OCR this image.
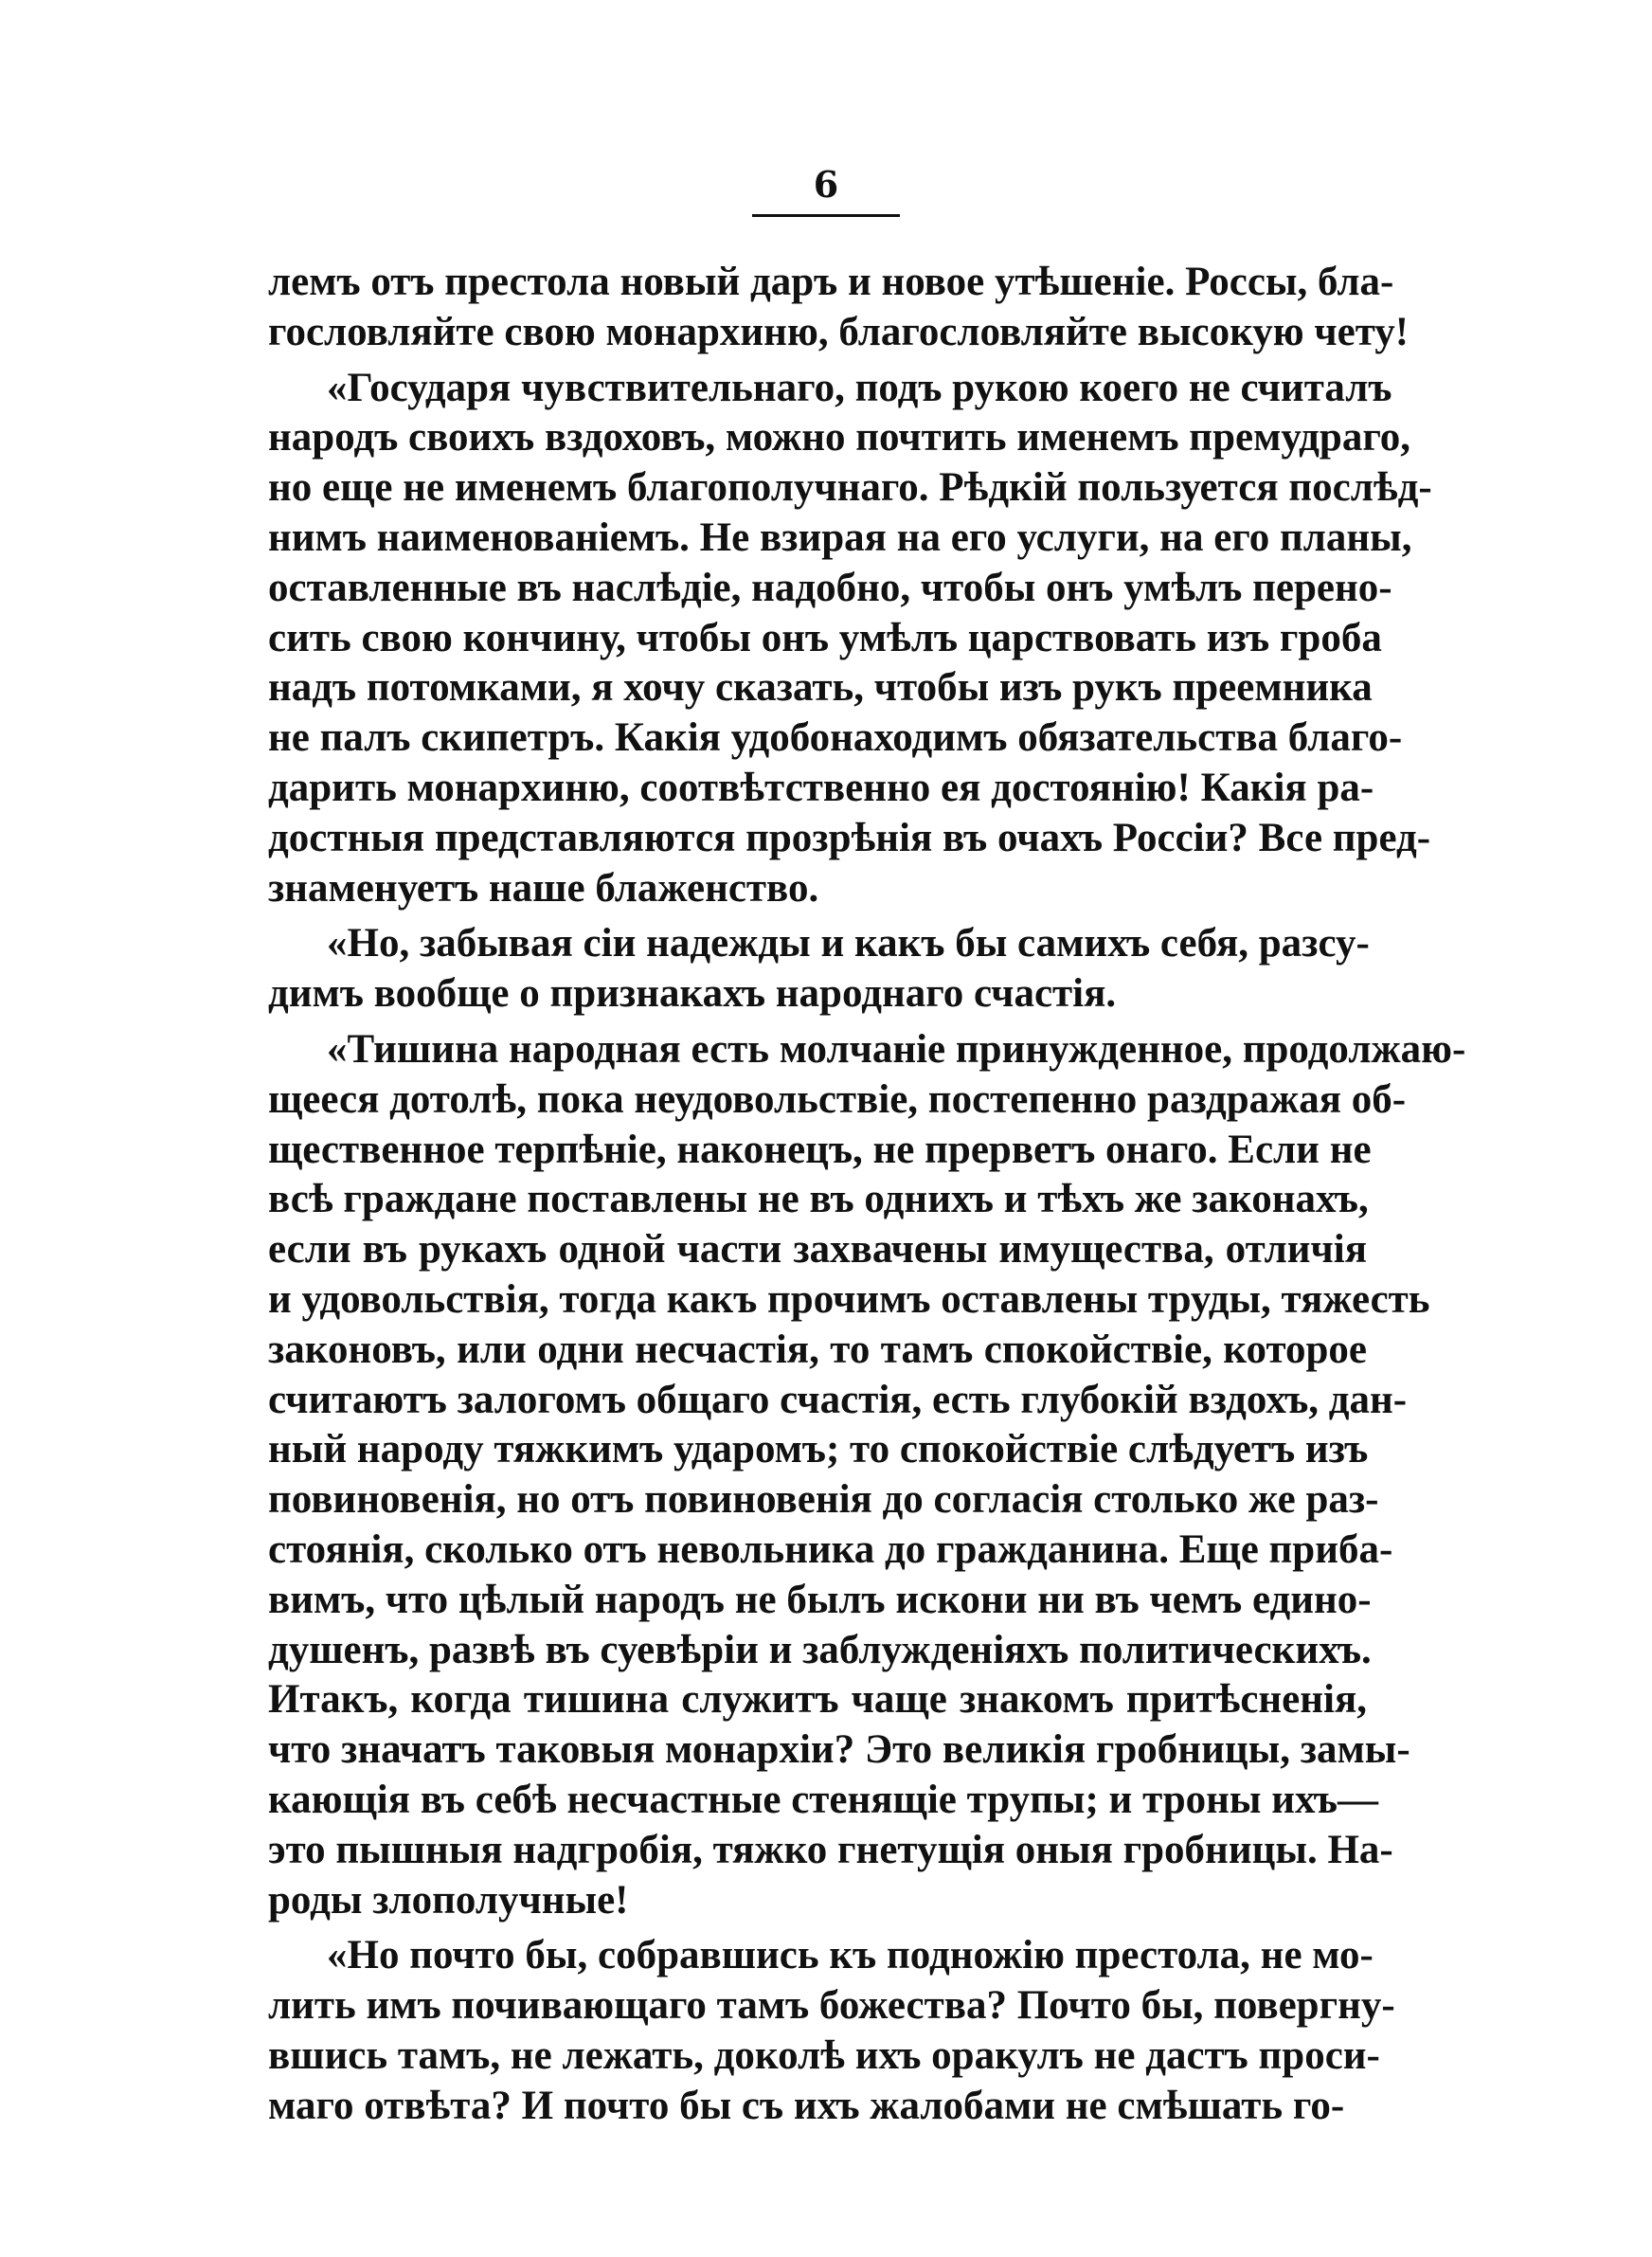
6
лемъ отъ престола новый даръ и новое утѣшеніе. Россы, бла-
гословляйте свою монархиню, благословляйте высокую чету!
«Государя чувствительнаго, подъ рукою коего не считалъ
народъ своихъ вздоховъ, можно почтить именемъ премудраго,
но еще не именемъ благополучнаго. Рѣдкій пользуется послѣд-
нимъ наименованіемъ. Не взирая на его услуги, на его планы,
оставленные въ наслѣдіе, надобно, чтобы онъ умѣлъ перено-
сить свою кончину, чтобы онъ умѣлъ царствовать изъ гроба
надъ потомками, я хочу сказать, чтобы изъ рукъ преемника
не палъ скипетръ. Какія удобонаходимъ обязательства благо-
дарить монархиню, соотвѣтственно ея достоянію! Какія ра-
достныя представляются прозрѣнія въ очахъ Россіи? Все пред-
знаменуетъ наше блаженство.
«Но, забывая сіи надежды и какъ бы самихъ себя, разсу-
димъ вообще о признакахъ народнаго счастія.
«Тишина народная есть молчаніе принужденное, продолжаю-
щееся дотолѣ, пока неудовольствіе, постепенно раздражая об-
щественное терпѣніе, наконецъ, не прерветъ онаго. Если не
всѣ граждане поставлены не въ однихъ и тѣхъ же законахъ,
если въ рукахъ одной части захвачены имущества, отличія
и удовольствія, тогда какъ прочимъ оставлены труды, тяжесть
законовъ, или одни несчастія, то тамъ спокойствіе, которое
считаютъ залогомъ общаго счастія, есть глубокій вздохъ, дан-
ный народу тяжкимъ ударомъ; то спокойствіе слѣдуетъ изъ
повиновенія, но отъ повиновенія до согласія столько же раз-
стоянія, сколько отъ невольника до гражданина. Еще приба-
вимъ, что цѣлый народъ не былъ искони ни въ чемъ едино-
душенъ, развѣ въ суевѣріи и заблужденіяхъ политическихъ.
Итакъ, когда тишина служитъ чаще знакомъ притѣсненія,
что значатъ таковыя монархіи? Это великія гробницы, замы-
кающія въ себѣ несчастные стенящіе трупы; и троны ихъ—
это пышныя надгробія, тяжко гнетущія оныя гробницы. На-
роды злополучные!
«Но почто бы, собравшись къ подножію престола, не мо-
лить имъ почивающаго тамъ божества? Почто бы, повергну-
вшись тамъ, не лежать, доколѣ ихъ оракулъ не дастъ проси-
маго отвѣта? И почто бы съ ихъ жалобами не смѣшать го-
